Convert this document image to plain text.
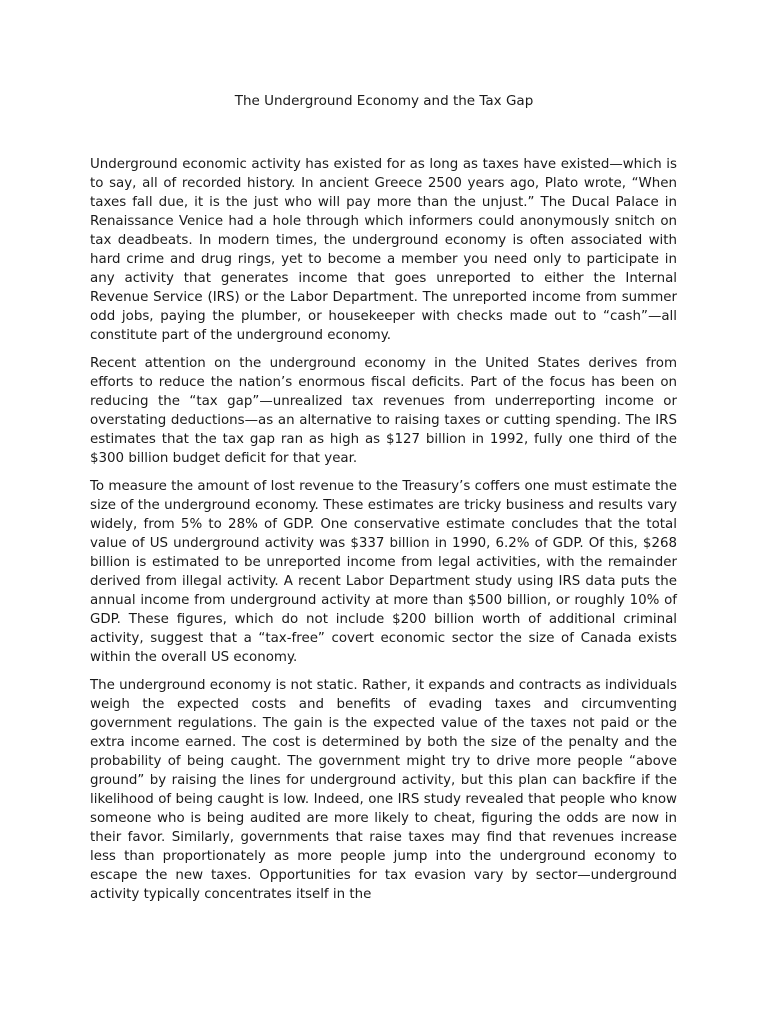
The Underground Economy and the Tax Gap

Underground economic activity has existed for as long as taxes have existed—which is to say, all of recorded history. In ancient Greece 2500 years ago, Plato wrote, “When taxes fall due, it is the just who will pay more than the unjust.” The Ducal Palace in Renaissance Venice had a hole through which informers could anonymously snitch on tax deadbeats. In modern times, the underground economy is often associated with hard crime and drug rings, yet to become a member you need only to participate in any activity that generates income that goes unreported to either the Internal Revenue Service (IRS) or the Labor Department. The unreported income from summer odd jobs, paying the plumber, or housekeeper with checks made out to “cash”—all constitute part of the underground economy.

Recent attention on the underground economy in the United States derives from efforts to reduce the nation’s enormous fiscal deficits. Part of the focus has been on reducing the “tax gap”—unrealized tax revenues from underreporting income or overstating deductions—as an alternative to raising taxes or cutting spending. The IRS estimates that the tax gap ran as high as $127 billion in 1992, fully one third of the $300 billion budget deficit for that year.

To measure the amount of lost revenue to the Treasury’s coffers one must estimate the size of the underground economy. These estimates are tricky business and results vary widely, from 5% to 28% of GDP. One conservative estimate concludes that the total value of US underground activity was $337 billion in 1990, 6.2% of GDP. Of this, $268 billion is estimated to be unreported income from legal activities, with the remainder derived from illegal activity. A recent Labor Department study using IRS data puts the annual income from underground activity at more than $500 billion, or roughly 10% of GDP. These figures, which do not include $200 billion worth of additional criminal activity, suggest that a “tax-free” covert economic sector the size of Canada exists within the overall US economy.

The underground economy is not static. Rather, it expands and contracts as individuals weigh the expected costs and benefits of evading taxes and circumventing government regulations. The gain is the expected value of the taxes not paid or the extra income earned. The cost is determined by both the size of the penalty and the probability of being caught. The government might try to drive more people “above ground” by raising the lines for underground activity, but this plan can backfire if the likelihood of being caught is low. Indeed, one IRS study revealed that people who know someone who is being audited are more likely to cheat, figuring the odds are now in their favor. Similarly, governments that raise taxes may find that revenues increase less than proportionately as more people jump into the underground economy to escape the new taxes. Opportunities for tax evasion vary by sector—underground activity typically concentrates itself in the
